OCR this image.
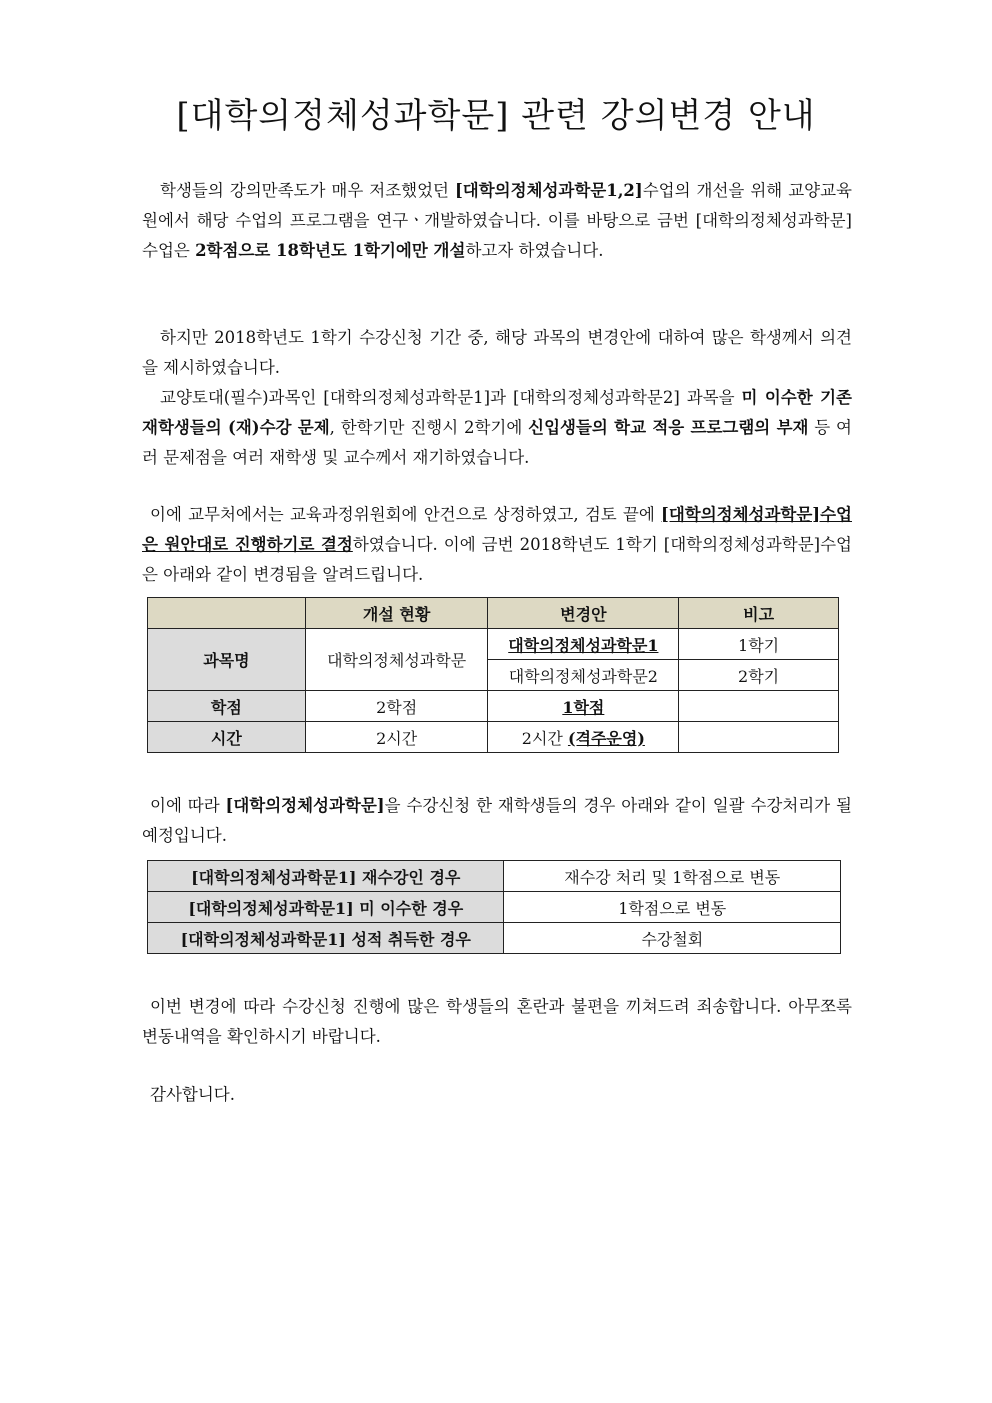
[대학의정체성과학문] 관련 강의변경 안내

학생들의 강의만족도가 매우 저조했었던 [대학의정체성과학문1,2]수업의 개선을 위해 교양교육원에서 해당 수업의 프로그램을 연구ㆍ개발하였습니다. 이를 바탕으로 금번 [대학의정체성과학문] 수업은 2학점으로 18학년도 1학기에만 개설하고자 하였습니다.

하지만 2018학년도 1학기 수강신청 기간 중, 해당 과목의 변경안에 대하여 많은 학생께서 의견을 제시하였습니다.

교양토대(필수)과목인 [대학의정체성과학문1]과 [대학의정체성과학문2] 과목을 미 이수한 기존 재학생들의 (재)수강 문제, 한학기만 진행시 2학기에 신입생들의 학교 적응 프로그램의 부재 등 여러 문제점을 여러 재학생 및 교수께서 재기하였습니다.

이에 교무처에서는 교육과정위원회에 안건으로 상정하였고, 검토 끝에 [대학의정체성과학문]수업은 원안대로 진행하기로 결정하였습니다. 이에 금번 2018학년도 1학기 [대학의정체성과학문]수업은 아래와 같이 변경됨을 알려드립니다.

	개설 현황	변경안	비고
과목명	대학의정체성과학문	대학의정체성과학문1	1학기
		대학의정체성과학문2	2학기
학점	2학점	1학점	
시간	2시간	2시간 (격주운영)	

이에 따라 [대학의정체성과학문]을 수강신청 한 재학생들의 경우 아래와 같이 일괄 수강처리가 될 예정입니다.

[대학의정체성과학문1] 재수강인 경우	재수강 처리 및 1학점으로 변동
[대학의정체성과학문1] 미 이수한 경우	1학점으로 변동
[대학의정체성과학문1] 성적 취득한 경우	수강철회

이번 변경에 따라 수강신청 진행에 많은 학생들의 혼란과 불편을 끼쳐드려 죄송합니다. 아무쪼록 변동내역을 확인하시기 바랍니다.

감사합니다.
